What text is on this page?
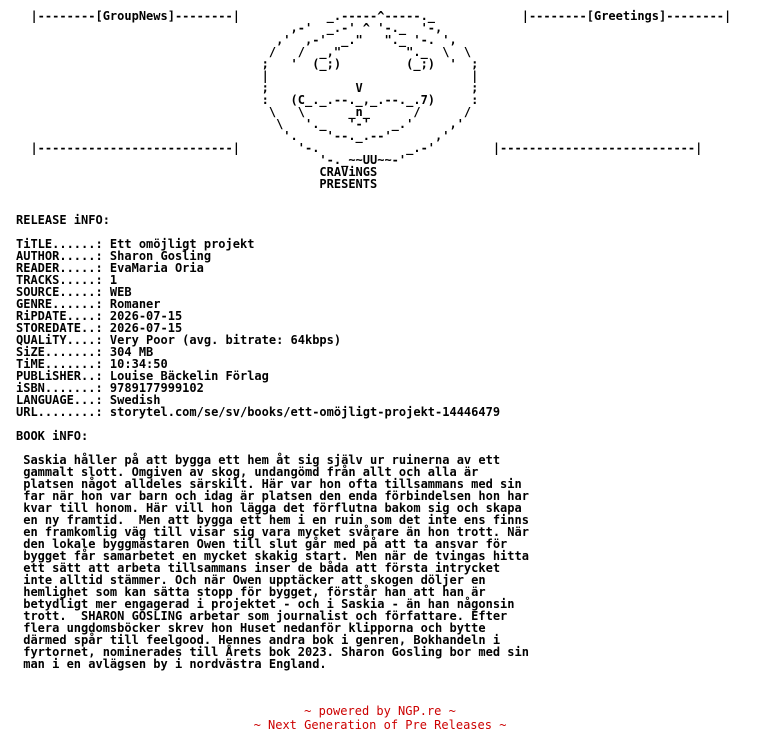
|--------[GroupNews]--------|            _.-----^-----._            |--------[Greetings]--------|
,-'  _.-' ^ '-._  '-,
,'  ,-'  _."   "._ '-. ',
/   /  _,"         "._  \  \
;   '  (_;)         (_;)  '  ;
|                            |
;            V               ;
:   (C_._.--._,_.--._.7)     :
\   \      _n_      /      /
\   '._   '-'   _.'     ,'
'.    '--._.--'      ,'
|---------------------------|        '-.            _.-'        |---------------------------|
'-._~~UU~~-'
CRAViNGS
PRESENTS

RELEASE iNFO:

TiTLE......: Ett omöjligt projekt
AUTHOR.....: Sharon Gosling
READER.....: EvaMaria Oria
TRACKS.....: 1
SOURCE.....: WEB
GENRE......: Romaner
RiPDATE....: 2026-07-15
STOREDATE..: 2026-07-15
QUALiTY....: Very Poor (avg. bitrate: 64kbps)
SiZE.......: 304 MB
TiME.......: 10:34:50
PUBLiSHER..: Louise Bäckelin Förlag
iSBN.......: 9789177999102
LANGUAGE...: Swedish
URL........: storytel.com/se/sv/books/ett-omöjligt-projekt-14446479

BOOK iNFO:

Saskia håller på att bygga ett hem åt sig själv ur ruinerna av ett
gammalt slott. Omgiven av skog, undangömd från allt och alla är
platsen något alldeles särskilt. Här var hon ofta tillsammans med sin
far när hon var barn och idag är platsen den enda förbindelsen hon har
kvar till honom. Här vill hon lägga det förflutna bakom sig och skapa
en ny framtid.  Men att bygga ett hem i en ruin som det inte ens finns
en framkomlig väg till visar sig vara mycket svårare än hon trott. När
den lokale byggmästaren Owen till slut går med på att ta ansvar för
bygget får samarbetet en mycket skakig start. Men när de tvingas hitta
ett sätt att arbeta tillsammans inser de båda att första intrycket
inte alltid stämmer. Och när Owen upptäcker att skogen döljer en
hemlighet som kan sätta stopp för bygget, förstår han att han är
betydligt mer engagerad i projektet - och i Saskia - än han någonsin
trott.  SHARON GOSLING arbetar som journalist och författare. Efter
flera ungdomsböcker skrev hon Huset nedanför klipporna och bytte
därmed spår till feelgood. Hennes andra bok i genren, Bokhandeln i
fyrtornet, nominerades till Årets bok 2023. Sharon Gosling bor med sin
man i en avlägsen by i nordvästra England.
~ powered by NGP.re ~
~ Next Generation of Pre Releases ~
